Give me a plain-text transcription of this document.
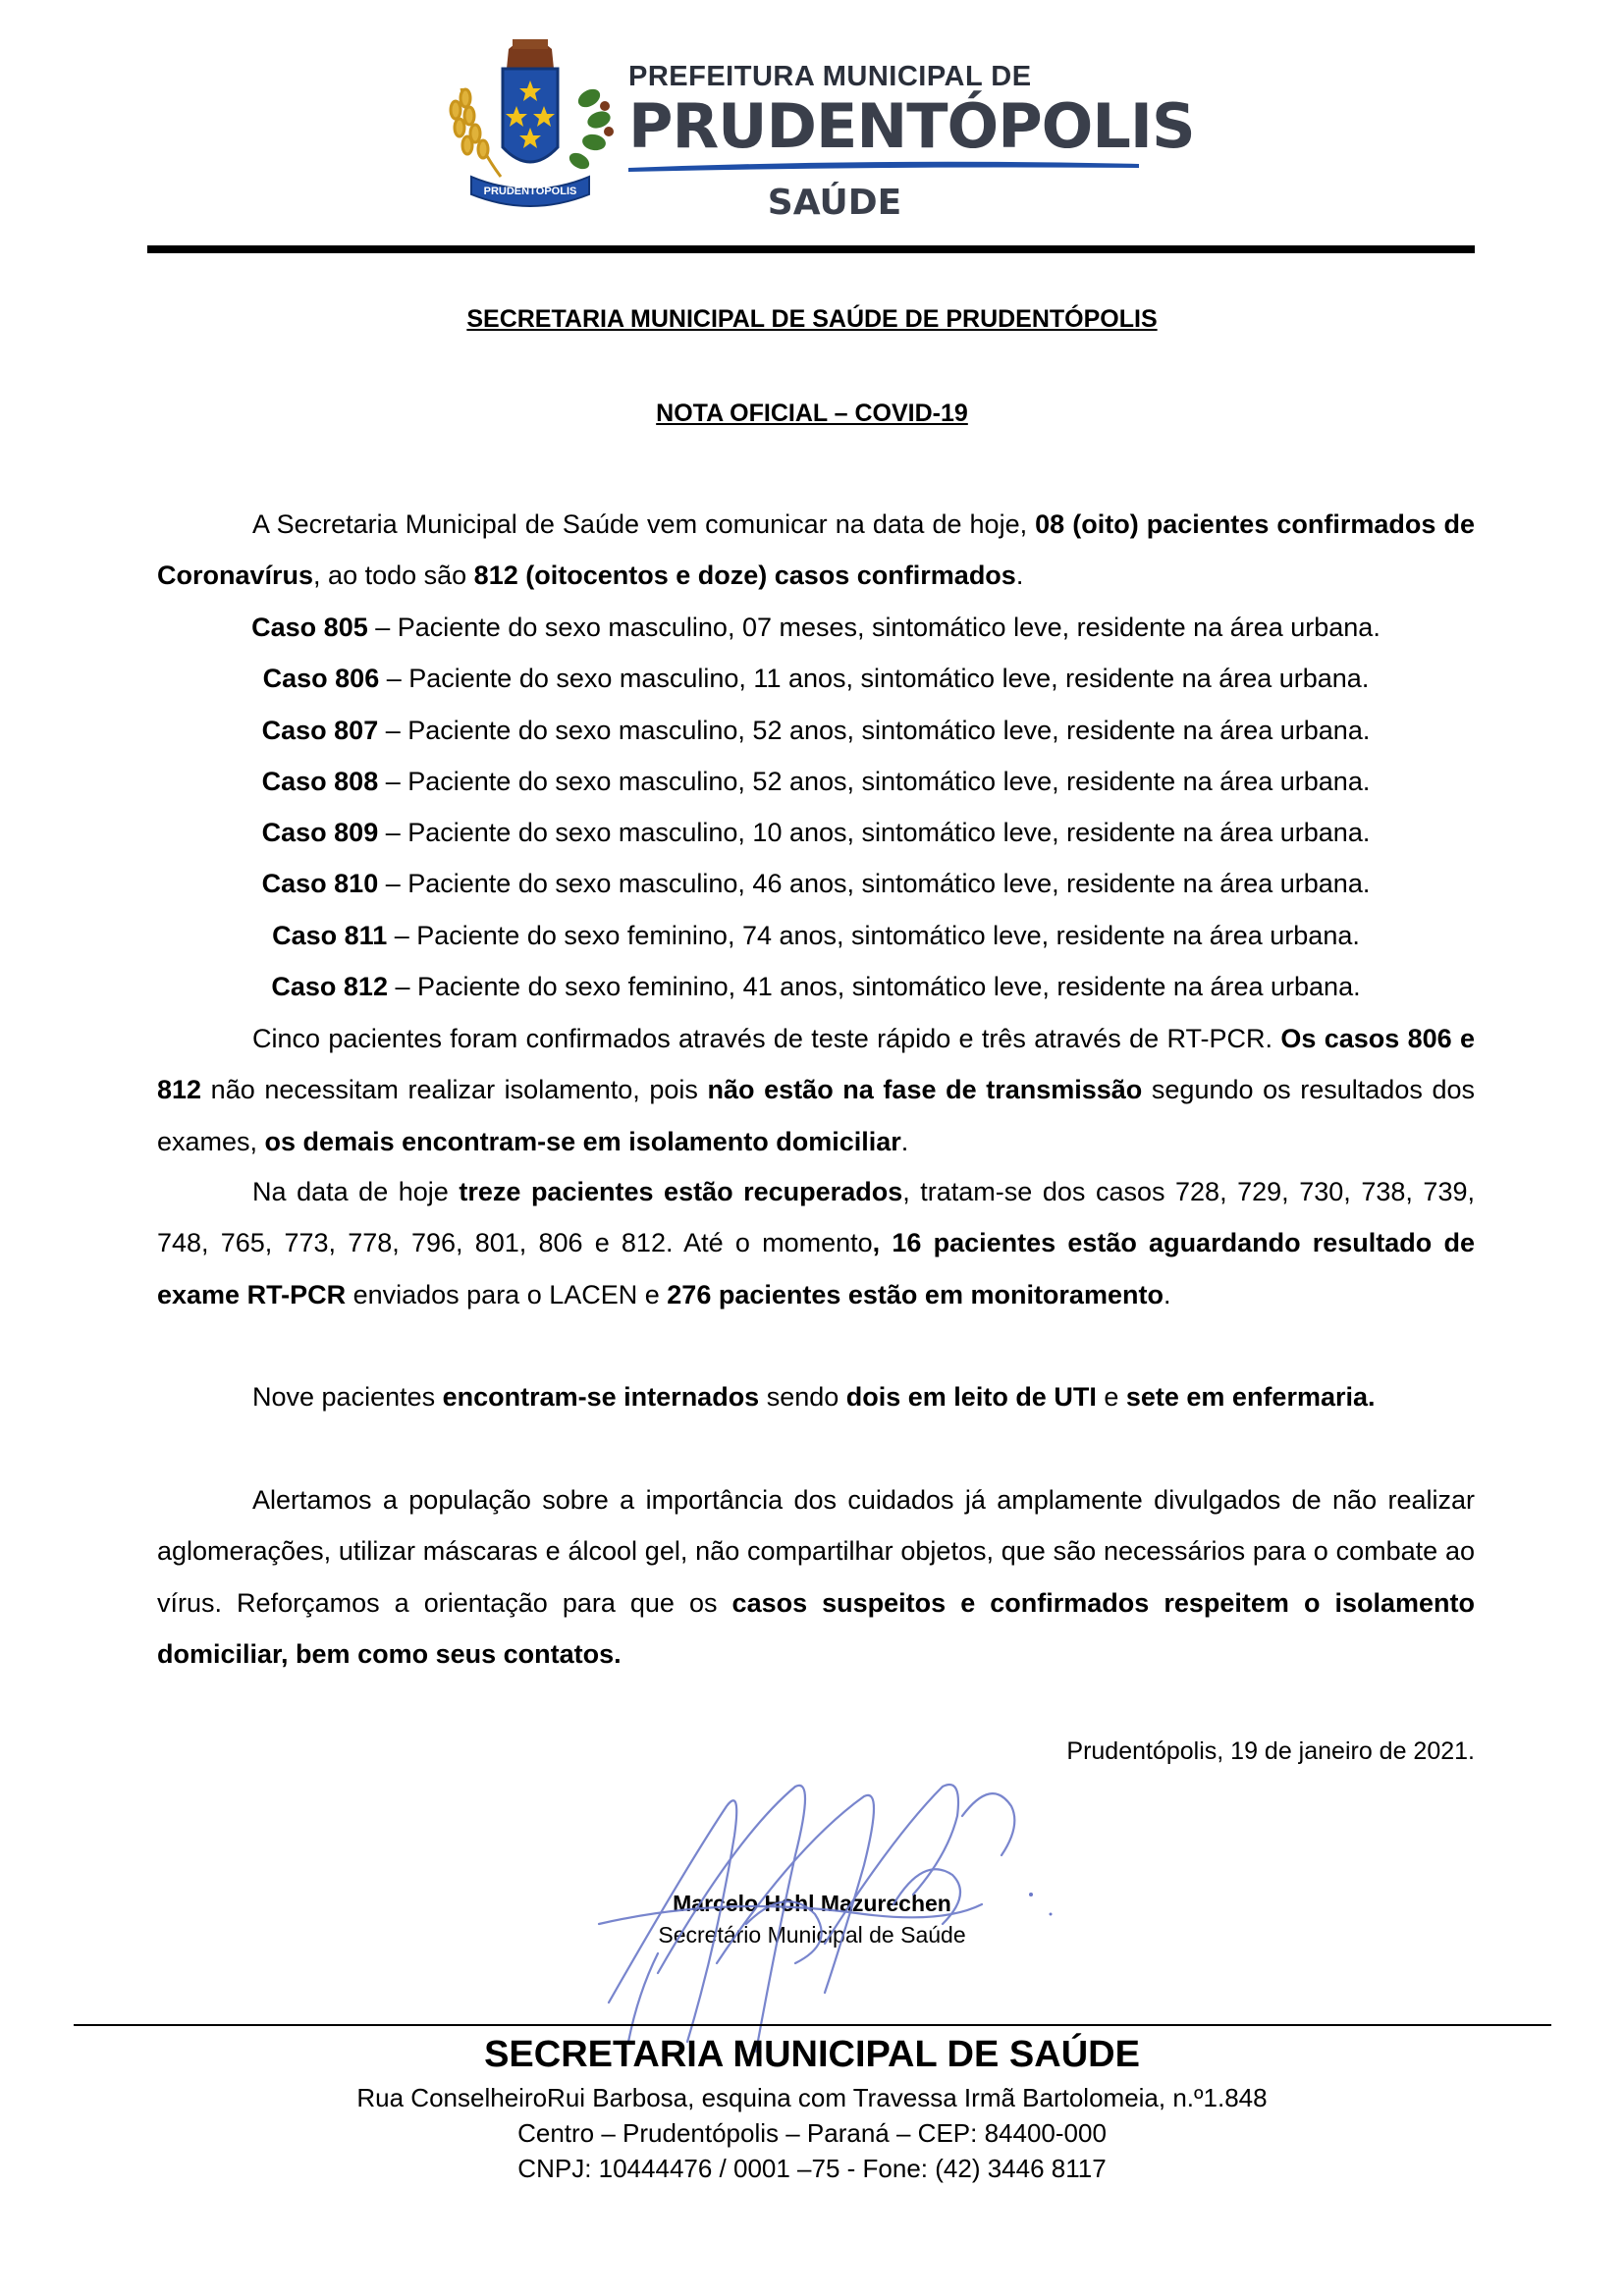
PRUDENTÓPOLIS
PREFEITURA MUNICIPAL DE
PRUDENTÓPOLIS
SAÚDE
SECRETARIA MUNICIPAL DE SAÚDE DE PRUDENTÓPOLIS
NOTA OFICIAL – COVID-19
A Secretaria Municipal de Saúde vem comunicar na data de hoje, 08 (oito) pacientes confirmados de Coronavírus, ao todo são 812 (oitocentos e doze) casos confirmados.
Caso 805 – Paciente do sexo masculino, 07 meses, sintomático leve, residente na área urbana.
Caso 806 – Paciente do sexo masculino, 11 anos, sintomático leve, residente na área urbana.
Caso 807 – Paciente do sexo masculino, 52 anos, sintomático leve, residente na área urbana.
Caso 808 – Paciente do sexo masculino, 52 anos, sintomático leve, residente na área urbana.
Caso 809 – Paciente do sexo masculino, 10 anos, sintomático leve, residente na área urbana.
Caso 810 – Paciente do sexo masculino, 46 anos, sintomático leve, residente na área urbana.
Caso 811 – Paciente do sexo feminino, 74 anos, sintomático leve, residente na área urbana.
Caso 812 – Paciente do sexo feminino, 41 anos, sintomático leve, residente na área urbana.
Cinco pacientes foram confirmados através de teste rápido e três através de RT-PCR. Os casos 806 e 812 não necessitam realizar isolamento, pois não estão na fase de transmissão segundo os resultados dos exames, os demais encontram-se em isolamento domiciliar.
Na data de hoje treze pacientes estão recuperados, tratam-se dos casos 728, 729, 730, 738, 739, 748, 765, 773, 778, 796, 801, 806 e 812. Até o momento, 16 pacientes estão aguardando resultado de exame RT-PCR enviados para o LACEN e 276 pacientes estão em monitoramento.
Nove pacientes encontram-se internados sendo dois em leito de UTI e sete em enfermaria.
Alertamos a população sobre a importância dos cuidados já amplamente divulgados de não realizar aglomerações, utilizar máscaras e álcool gel, não compartilhar objetos, que são necessários para o combate ao vírus. Reforçamos a orientação para que os casos suspeitos e confirmados respeitem o isolamento domiciliar, bem como seus contatos.
Prudentópolis, 19 de janeiro de 2021.
Marcelo Hohl Mazurechen
Secretário Municipal de Saúde
SECRETARIA MUNICIPAL DE SAÚDE
Rua ConselheiroRui Barbosa, esquina com Travessa Irmã Bartolomeia, n.º1.848
Centro – Prudentópolis – Paraná – CEP: 84400-000
CNPJ: 10444476 / 0001 –75 - Fone: (42) 3446 8117
